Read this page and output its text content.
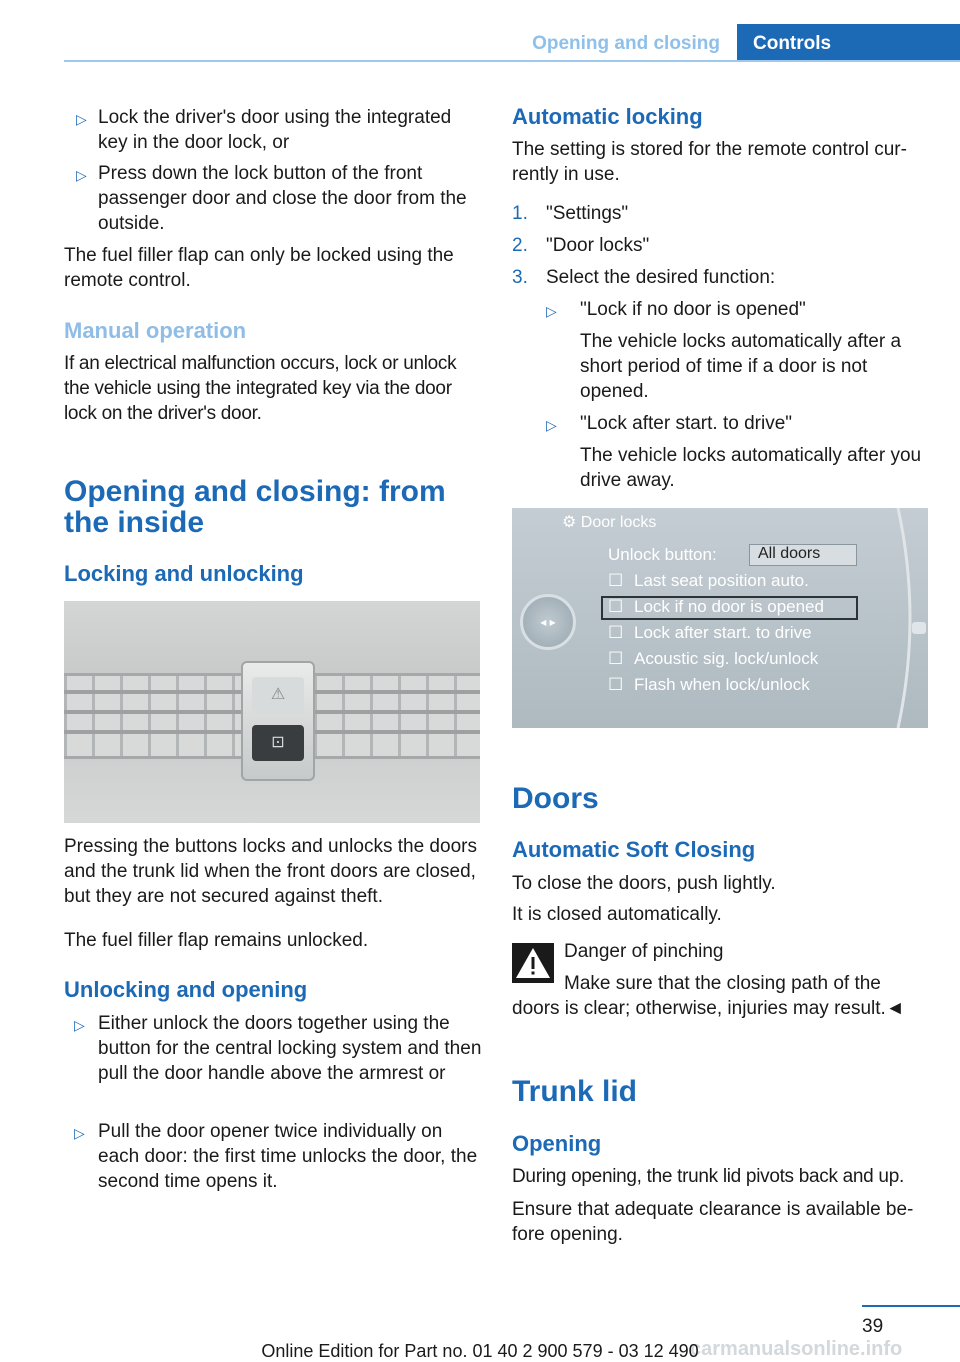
Opening and closing	Controls
▷ Lock the driver's door using the integrated key in the door lock, or
▷ Press down the lock button of the front passenger door and close the door from the outside.
The fuel filler flap can only be locked using the remote control.
Manual operation
If an electrical malfunction occurs, lock or unlock the vehicle using the integrated key via the door lock on the driver's door.
Opening and closing: from the inside
Locking and unlocking
⚠
⊡
Pressing the buttons locks and unlocks the doors and the trunk lid when the front doors are closed, but they are not secured against theft.
The fuel filler flap remains unlocked.
Unlocking and opening
▷ Either unlock the doors together using the button for the central locking system and then pull the door handle above the armrest or
▷ Pull the door opener twice individually on each door: the first time unlocks the door, the second time opens it.
Automatic locking
The setting is stored for the remote control cur-rently in use.
1. "Settings"
2. "Door locks"
3. Select the desired function:
▷	"Lock if no door is opened"
The vehicle locks automatically after a short period of time if a door is not opened.
▷	"Lock after start. to drive"
The vehicle locks automatically after you drive away.
⚙ Door locks
Unlock button:	All doors
☐ Last seat position auto.
☐ Lock if no door is opened
☐ Lock after start. to drive
☐ Acoustic sig. lock/unlock
☐ Flash when lock/unlock
◂ ▸
Doors
Automatic Soft Closing
To close the doors, push lightly.
It is closed automatically.
Danger of pinching
Make sure that the closing path of the doors is clear; otherwise, injuries may result.◄
Trunk lid
Opening
During opening, the trunk lid pivots back and up.
Ensure that adequate clearance is available be-fore opening.
39
carmanualsonline.info
Online Edition for Part no. 01 40 2 900 579 - 03 12 490
